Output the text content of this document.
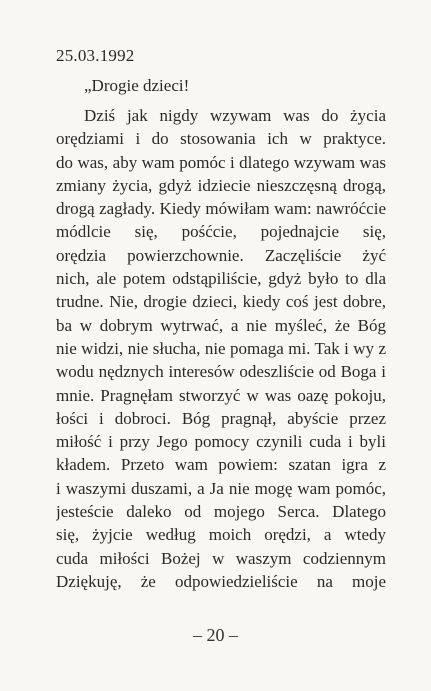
25.03.1992
„Drogie dzieci!
Dziś jak nigdy wzywam was do życia
orędziami i do stosowania ich w praktyce.
do was, aby wam pomóc i dlatego wzywam was
zmiany życia, gdyż idziecie nieszczęsną drogą,
drogą zagłady. Kiedy mówiłam wam: nawróćcie
módlcie się, pośćcie, pojednajcie się,
orędzia powierzchownie. Zaczęliście żyć
nich, ale potem odstąpiliście, gdyż było to dla
trudne. Nie, drogie dzieci, kiedy coś jest dobre,
ba w dobrym wytrwać, a nie myśleć, że Bóg
nie widzi, nie słucha, nie pomaga mi. Tak i wy z
wodu nędznych interesów odeszliście od Boga i
mnie. Pragnęłam stworzyć w was oazę pokoju,
łości i dobroci. Bóg pragnął, abyście przez
miłość i przy Jego pomocy czynili cuda i byli
kładem. Przeto wam powiem: szatan igra z
i waszymi duszami, a Ja nie mogę wam pomóc,
jesteście daleko od mojego Serca. Dlatego
się, żyjcie według moich orędzi, a wtedy
cuda miłości Bożej w waszym codziennym
Dziękuję, że odpowiedzieliście na moje
– 20 –
